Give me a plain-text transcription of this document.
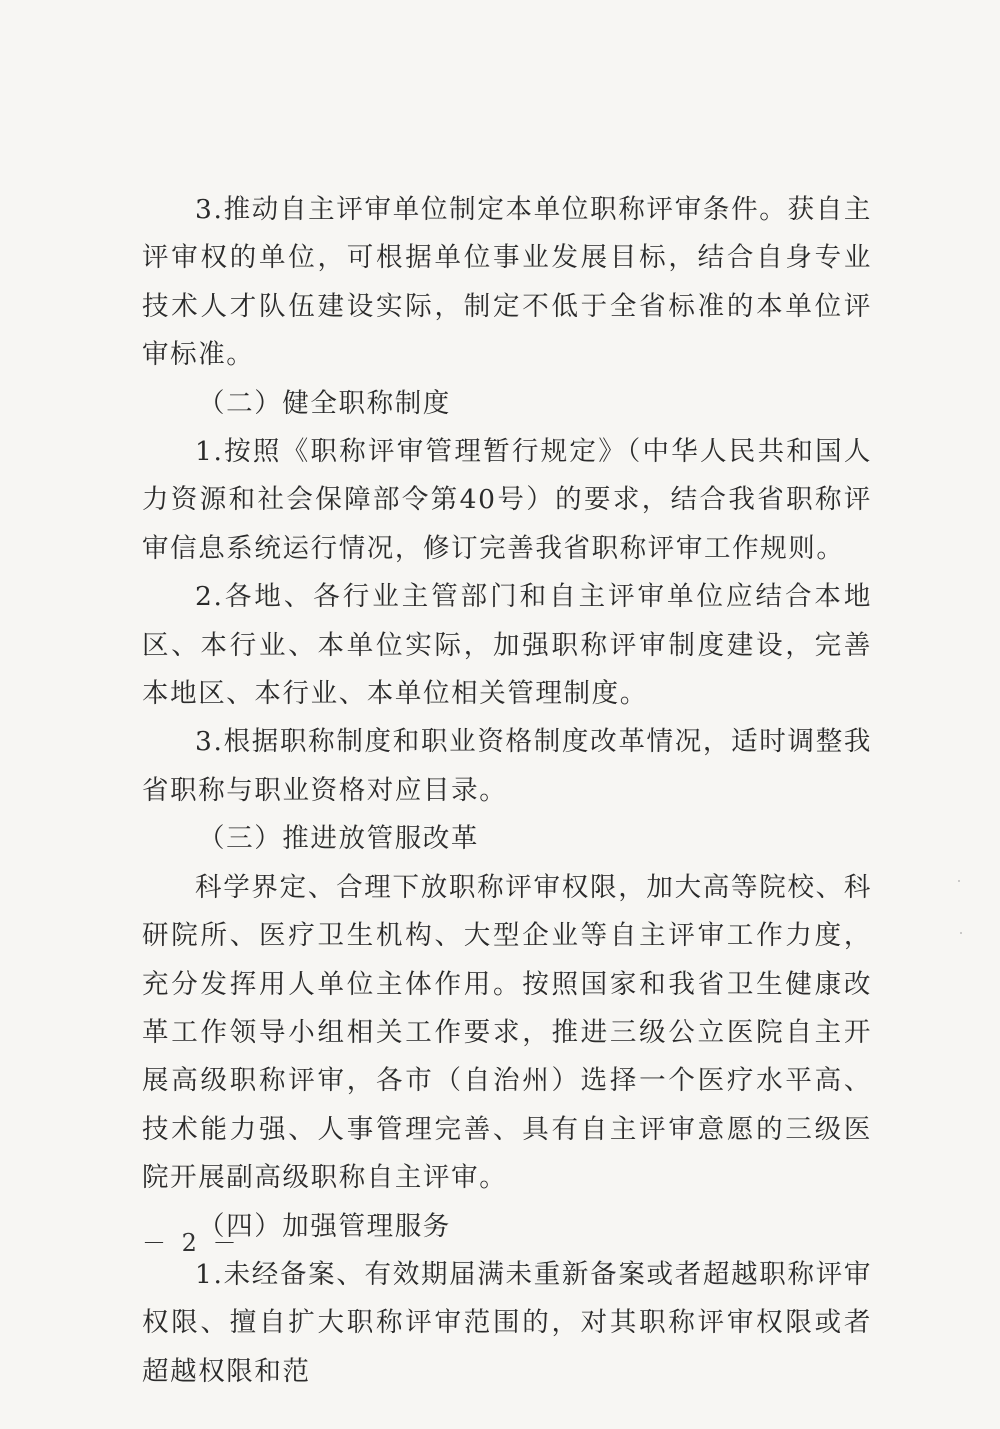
3.推动自主评审单位制定本单位职称评审条件。获自主评审权的单位，可根据单位事业发展目标，结合自身专业技术人才队伍建设实际，制定不低于全省标准的本单位评审标准。

（二）健全职称制度

1.按照《职称评审管理暂行规定》（中华人民共和国人力资源和社会保障部令第40号）的要求，结合我省职称评审信息系统运行情况，修订完善我省职称评审工作规则。

2.各地、各行业主管部门和自主评审单位应结合本地区、本行业、本单位实际，加强职称评审制度建设，完善本地区、本行业、本单位相关管理制度。

3.根据职称制度和职业资格制度改革情况，适时调整我省职称与职业资格对应目录。

（三）推进放管服改革

科学界定、合理下放职称评审权限，加大高等院校、科研院所、医疗卫生机构、大型企业等自主评审工作力度，充分发挥用人单位主体作用。按照国家和我省卫生健康改革工作领导小组相关工作要求，推进三级公立医院自主开展高级职称评审，各市（自治州）选择一个医疗水平高、技术能力强、人事管理完善、具有自主评审意愿的三级医院开展副高级职称自主评审。

（四）加强管理服务

1.未经备案、有效期届满未重新备案或者超越职称评审权限、擅自扩大职称评审范围的，对其职称评审权限或者超越权限和范

－ 2 －
